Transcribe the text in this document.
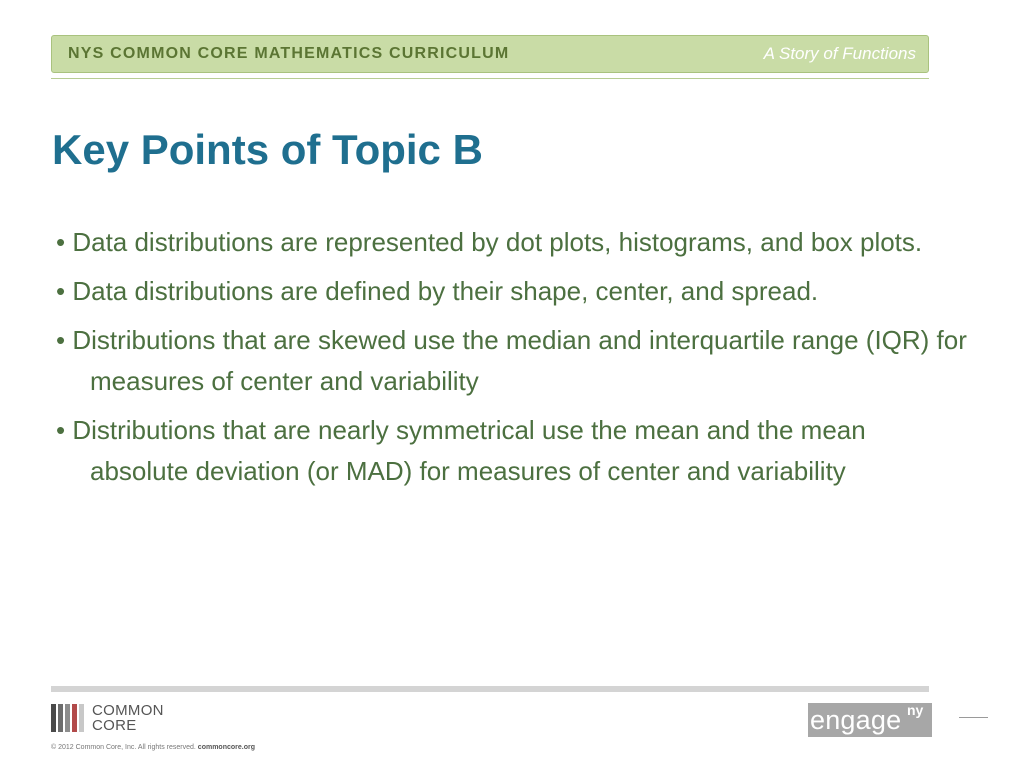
NYS COMMON CORE MATHEMATICS CURRICULUM	A Story of Functions
Key Points of Topic B
• Data distributions are represented by dot plots, histograms, and box plots.
• Data distributions are defined by their shape, center, and spread.
• Distributions that are skewed use the median and interquartile range (IQR) for measures of center and variability
• Distributions that are nearly symmetrical use the mean and the mean absolute deviation (or MAD) for measures of center and variability
COMMON
CORE
© 2012 Common Core, Inc. All rights reserved. commoncore.org
engage ny
